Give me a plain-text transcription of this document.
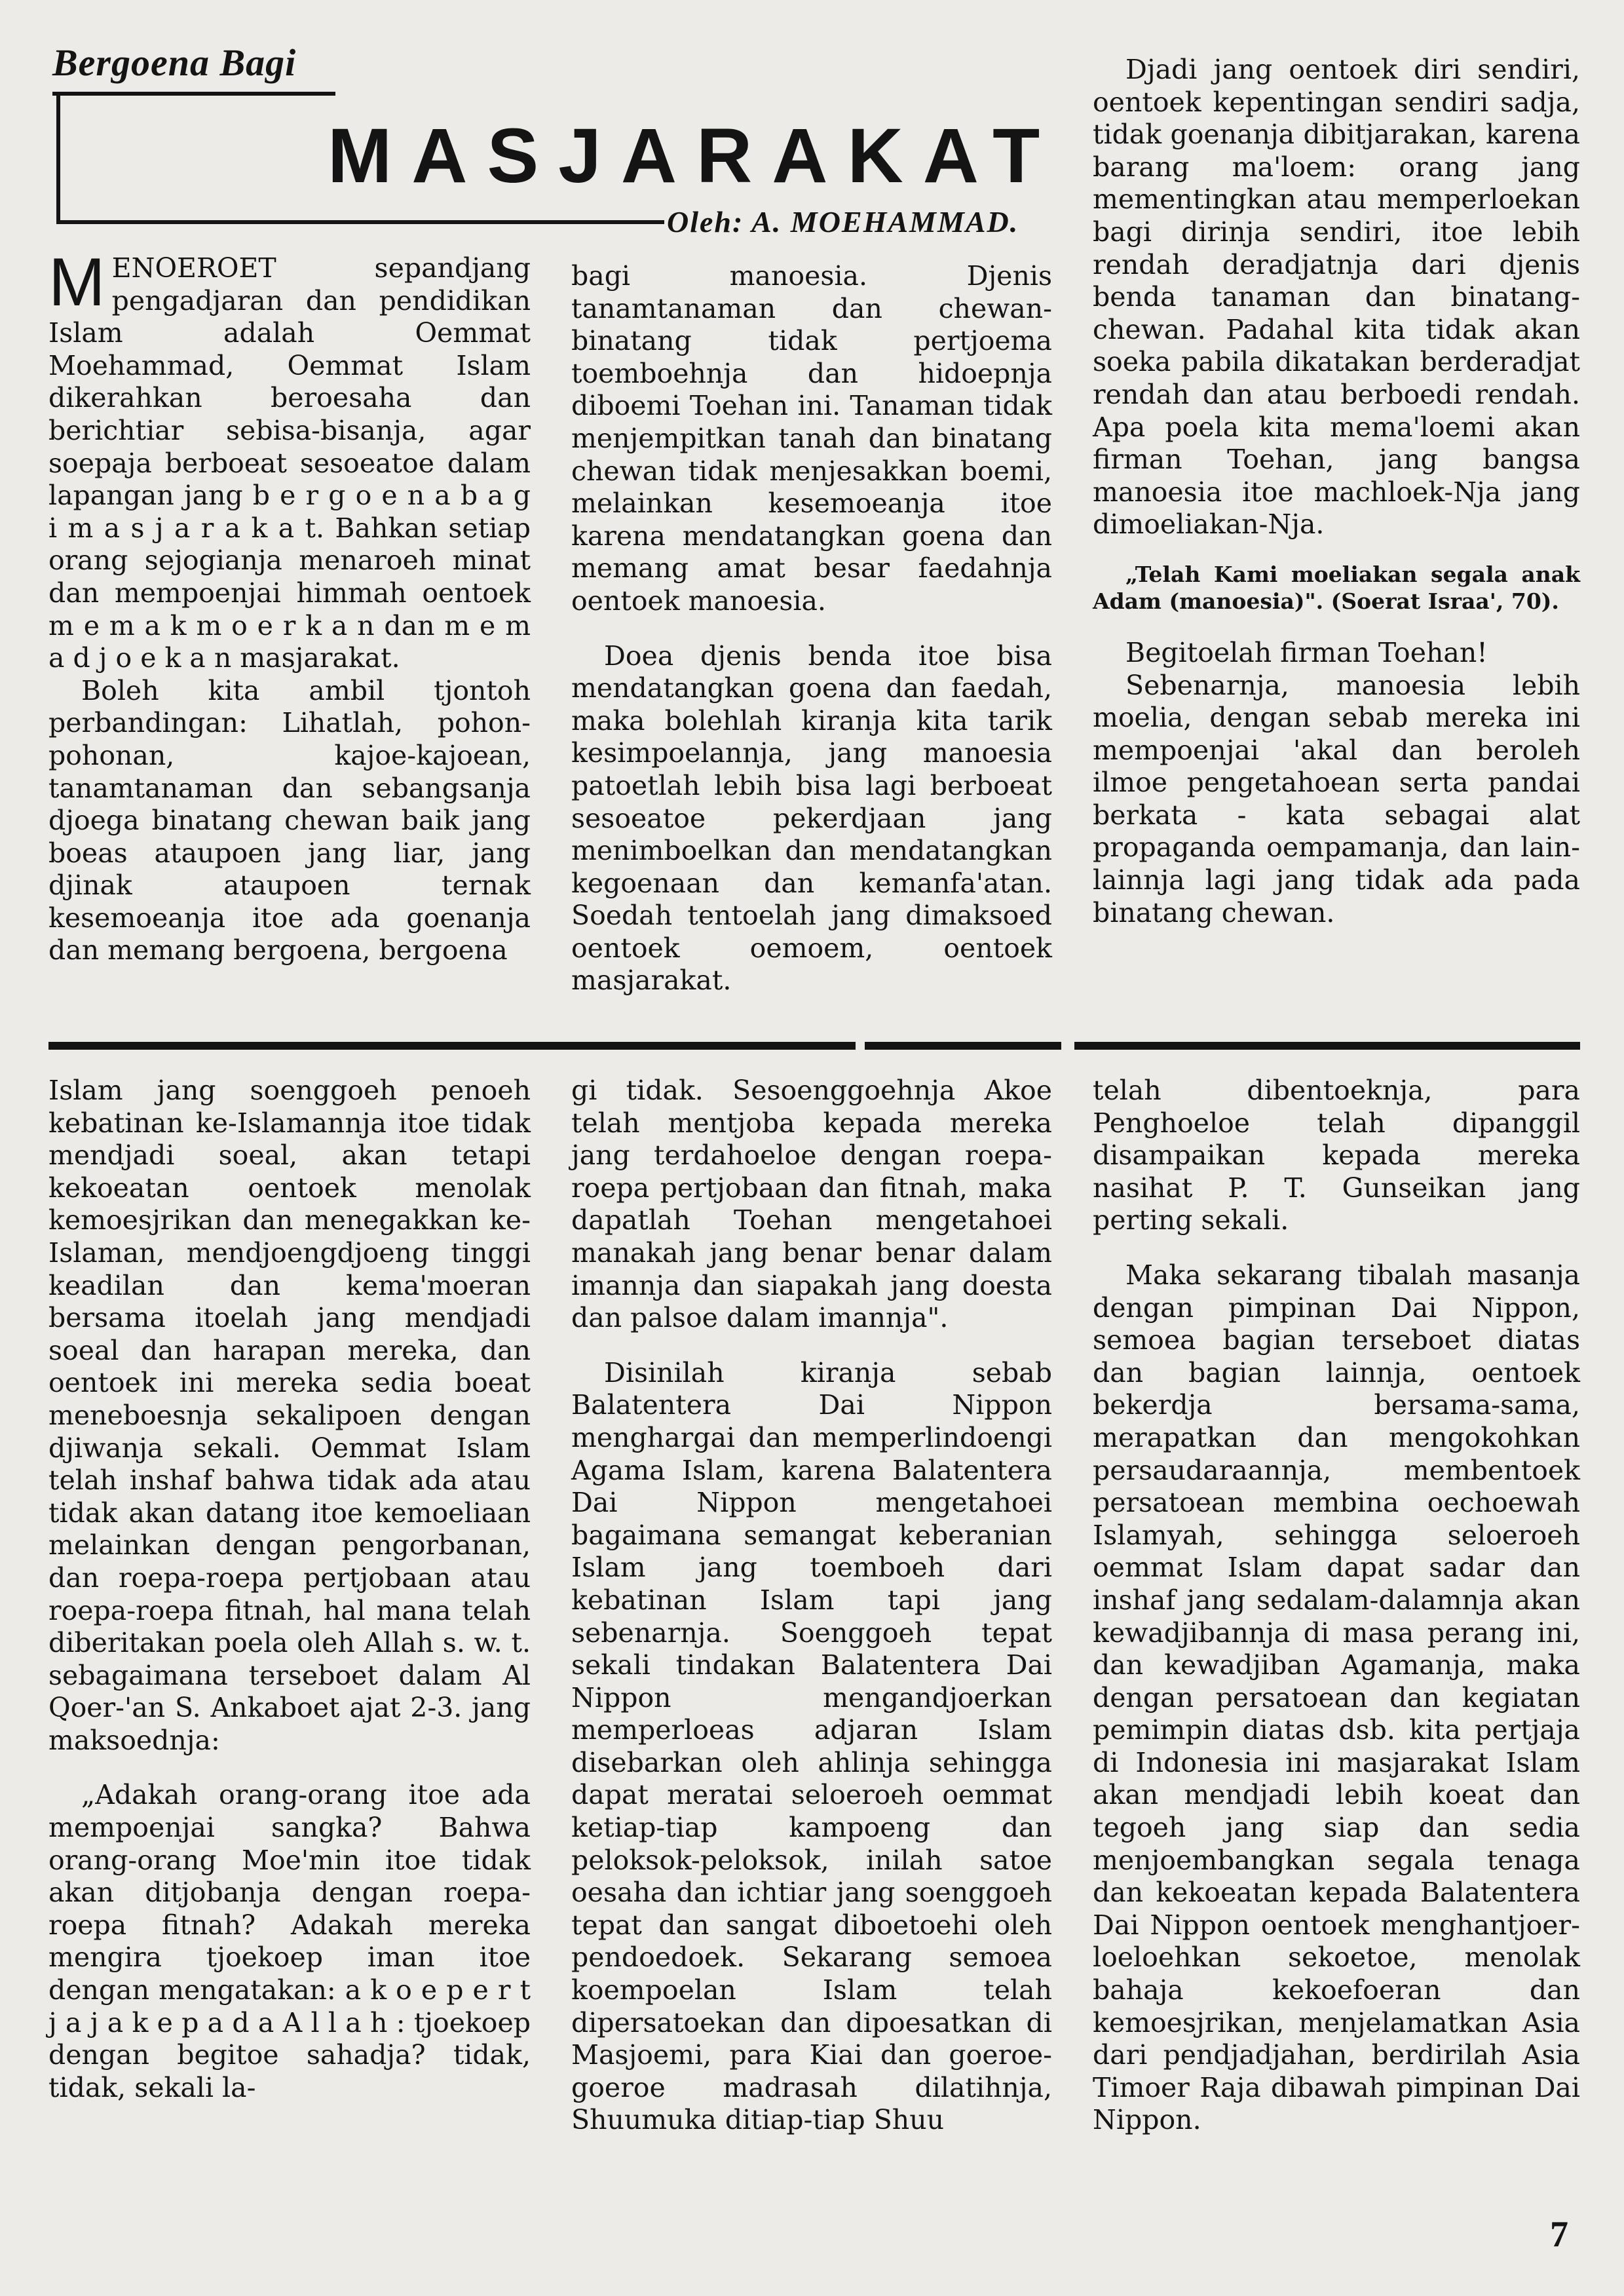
Bergoena Bagi
MASJARAKAT
Oleh: A. MOEHAMMAD.

MENOEROET sepandjang pengadjaran dan pendidikan Islam adalah Oemmat Moehammad, Oemmat Islam dikerahkan beroesaha dan berichtiar sebisa-bisanja, agar soepaja berboeat sesoeatoe dalam lapangan jang b e r g o e n a b a g i m a s j a r a k a t. Bahkan setiap orang sejogianja menaroeh minat dan mempoenjai himmah oentoek m e m a k m o e r k a n dan m e m a d j o e k a n masjarakat.

Boleh kita ambil tjontoh perbandingan: Lihatlah, pohon-pohonan, kajoe-kajoean, tanamtanaman dan sebangsanja djoega binatang chewan baik jang boeas ataupoen jang liar, jang djinak ataupoen ternak kesemoeanja itoe ada goenanja dan memang bergoena, bergoena

bagi manoesia. Djenis tanamtanaman dan chewan-binatang tidak pertjoema toemboehnja dan hidoepnja diboemi Toehan ini. Tanaman tidak menjempitkan tanah dan binatang chewan tidak menjesakkan boemi, melainkan kesemoeanja itoe karena mendatangkan goena dan memang amat besar faedahnja oentoek manoesia.

Doea djenis benda itoe bisa mendatangkan goena dan faedah, maka bolehlah kiranja kita tarik kesimpoelannja, jang manoesia patoetlah lebih bisa lagi berboeat sesoeatoe pekerdjaan jang menimboelkan dan mendatangkan kegoenaan dan kemanfa'atan. Soedah tentoelah jang dimaksoed oentoek oemoem, oentoek masjarakat.

Djadi jang oentoek diri sendiri, oentoek kepentingan sendiri sadja, tidak goenanja dibitjarakan, karena barang ma'loem: orang jang mementingkan atau memperloekan bagi dirinja sendiri, itoe lebih rendah deradjatnja dari djenis benda tanaman dan binatang-chewan. Padahal kita tidak akan soeka pabila dikatakan berderadjat rendah dan atau berboedi rendah. Apa poela kita mema'loemi akan firman Toehan, jang bangsa manoesia itoe machloek-Nja jang dimoeliakan-Nja.

„Telah Kami moeliakan segala anak Adam (manoesia)". (Soerat Israa', 70).

Begitoelah firman Toehan!

Sebenarnja, manoesia lebih moelia, dengan sebab mereka ini mempoenjai 'akal dan beroleh ilmoe pengetahoean serta pandai berkata - kata sebagai alat propaganda oempamanja, dan lain-lainnja lagi jang tidak ada pada binatang chewan.

Islam jang soenggoeh penoeh kebatinan ke-Islamannja itoe tidak mendjadi soeal, akan tetapi kekoeatan oentoek menolak kemoesjrikan dan menegakkan ke-Islaman, mendjoengdjoeng tinggi keadilan dan kema'moeran bersama itoelah jang mendjadi soeal dan harapan mereka, dan oentoek ini mereka sedia boeat meneboesnja sekalipoen dengan djiwanja sekali. Oemmat Islam telah inshaf bahwa tidak ada atau tidak akan datang itoe kemoeliaan melainkan dengan pengorbanan, dan roepa-roepa pertjobaan atau roepa-roepa fitnah, hal mana telah diberitakan poela oleh Allah s. w. t. sebagaimana terseboet dalam Al Qoer-'an S. Ankaboet ajat 2-3. jang maksoednja:

„Adakah orang-orang itoe ada mempoenjai sangka? Bahwa orang-orang Moe'min itoe tidak akan ditjobanja dengan roepa-roepa fitnah? Adakah mereka mengira tjoekoep iman itoe dengan mengatakan: a k o e p e r t j a j a k e p a d a A l l a h : tjoekoep dengan begitoe sahadja? tidak, tidak, sekali la-

gi tidak. Sesoenggoehnja Akoe telah mentjoba kepada mereka jang terdahoeloe dengan roepa-roepa pertjobaan dan fitnah, maka dapatlah Toehan mengetahoei manakah jang benar benar dalam imannja dan siapakah jang doesta dan palsoe dalam imannja".

Disinilah kiranja sebab Balatentera Dai Nippon menghargai dan memperlindoengi Agama Islam, karena Balatentera Dai Nippon mengetahoei bagaimana semangat keberanian Islam jang toemboeh dari kebatinan Islam tapi jang sebenarnja. Soenggoeh tepat sekali tindakan Balatentera Dai Nippon mengandjoerkan memperloeas adjaran Islam disebarkan oleh ahlinja sehingga dapat meratai seloeroeh oemmat ketiap-tiap kampoeng dan peloksok-peloksok, inilah satoe oesaha dan ichtiar jang soenggoeh tepat dan sangat diboetoehi oleh pendoedoek. Sekarang semoea koempoelan Islam telah dipersatoekan dan dipoesatkan di Masjoemi, para Kiai dan goeroe-goeroe madrasah dilatihnja, Shuumuka ditiap-tiap Shuu

telah dibentoeknja, para Penghoeloe telah dipanggil disampaikan kepada mereka nasihat P. T. Gunseikan jang perting sekali.

Maka sekarang tibalah masanja dengan pimpinan Dai Nippon, semoea bagian terseboet diatas dan bagian lainnja, oentoek bekerdja bersama-sama, merapatkan dan mengokohkan persaudaraannja, membentoek persatoean membina oechoewah Islamyah, sehingga seloeroeh oemmat Islam dapat sadar dan inshaf jang sedalam-dalamnja akan kewadjibannja di masa perang ini, dan kewadjiban Agamanja, maka dengan persatoean dan kegiatan pemimpin diatas dsb. kita pertjaja di Indonesia ini masjarakat Islam akan mendjadi lebih koeat dan tegoeh jang siap dan sedia menjoembangkan segala tenaga dan kekoeatan kepada Balatentera Dai Nippon oentoek menghantjoer-loeloehkan sekoetoe, menolak bahaja kekoefoeran dan kemoesjrikan, menjelamatkan Asia dari pendjadjahan, berdirilah Asia Timoer Raja dibawah pimpinan Dai Nippon.

7
